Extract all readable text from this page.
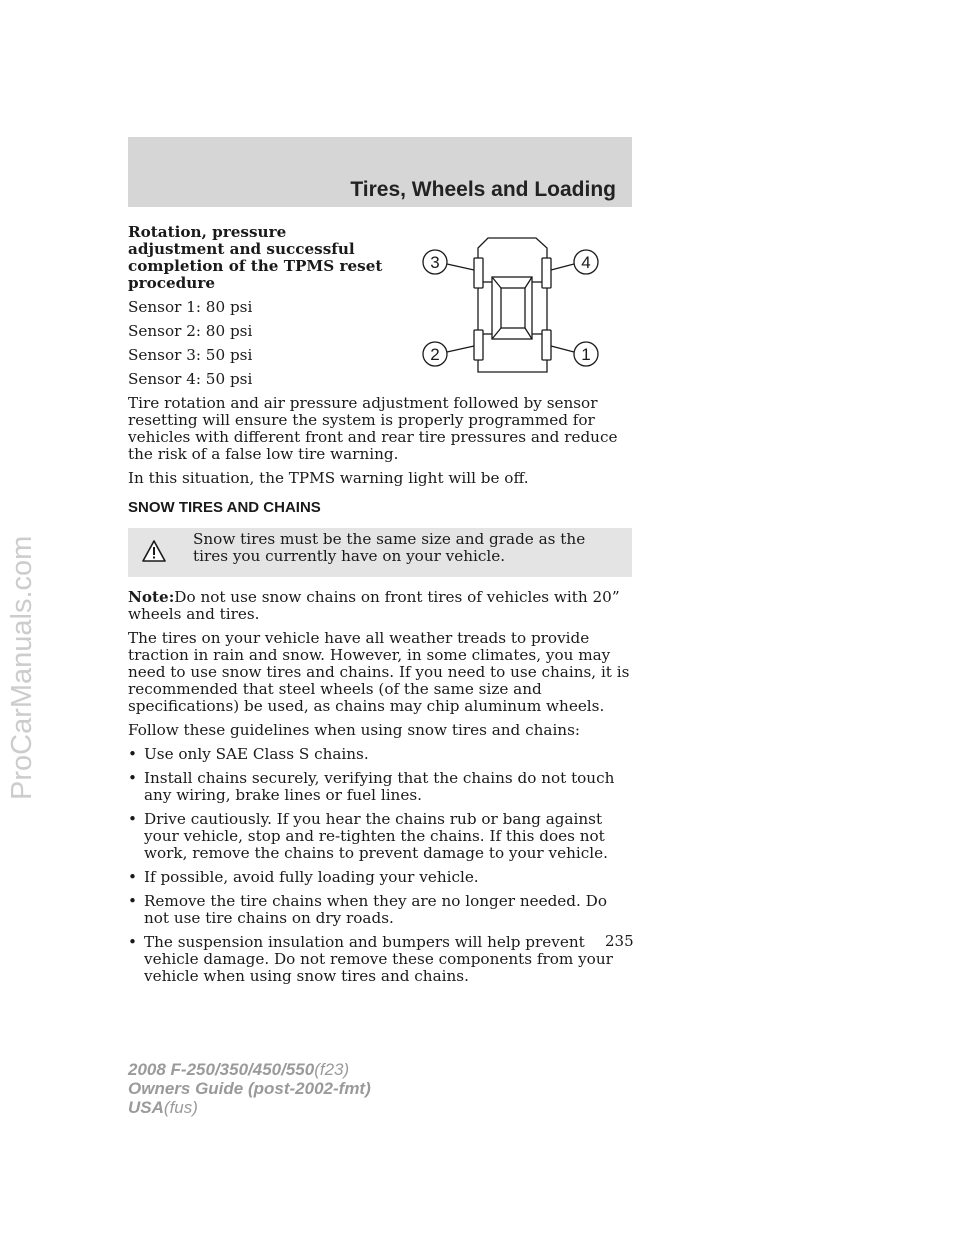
Tires, Wheels and Loading
3	4
2	1

Rotation, pressure adjustment and successful completion of the TPMS reset procedure

Sensor 1: 80 psi

Sensor 2: 80 psi

Sensor 3: 50 psi

Sensor 4: 50 psi

Tire rotation and air pressure adjustment followed by sensor resetting will ensure the system is properly programmed for vehicles with different front and rear tire pressures and reduce the risk of a false low tire warning.

In this situation, the TPMS warning light will be off.

SNOW TIRES AND CHAINS
Snow tires must be the same size and grade as the tires you currently have on your vehicle.

Note:Do not use snow chains on front tires of vehicles with 20” wheels and tires.

The tires on your vehicle have all weather treads to provide traction in rain and snow. However, in some climates, you may need to use snow tires and chains. If you need to use chains, it is recommended that steel wheels (of the same size and specifications) be used, as chains may chip aluminum wheels.

Follow these guidelines when using snow tires and chains:

• Use only SAE Class S chains.
• Install chains securely, verifying that the chains do not touch any wiring, brake lines or fuel lines.
• Drive cautiously. If you hear the chains rub or bang against your vehicle, stop and re-tighten the chains. If this does not work, remove the chains to prevent damage to your vehicle.
• If possible, avoid fully loading your vehicle.
• Remove the tire chains when they are no longer needed. Do not use tire chains on dry roads.
• The suspension insulation and bumpers will help prevent vehicle damage. Do not remove these components from your vehicle when using snow tires and chains.
235
2008 F-250/350/450/550(f23)
Owners Guide (post-2002-fmt)
USA(fus)
ProCarManuals.com
